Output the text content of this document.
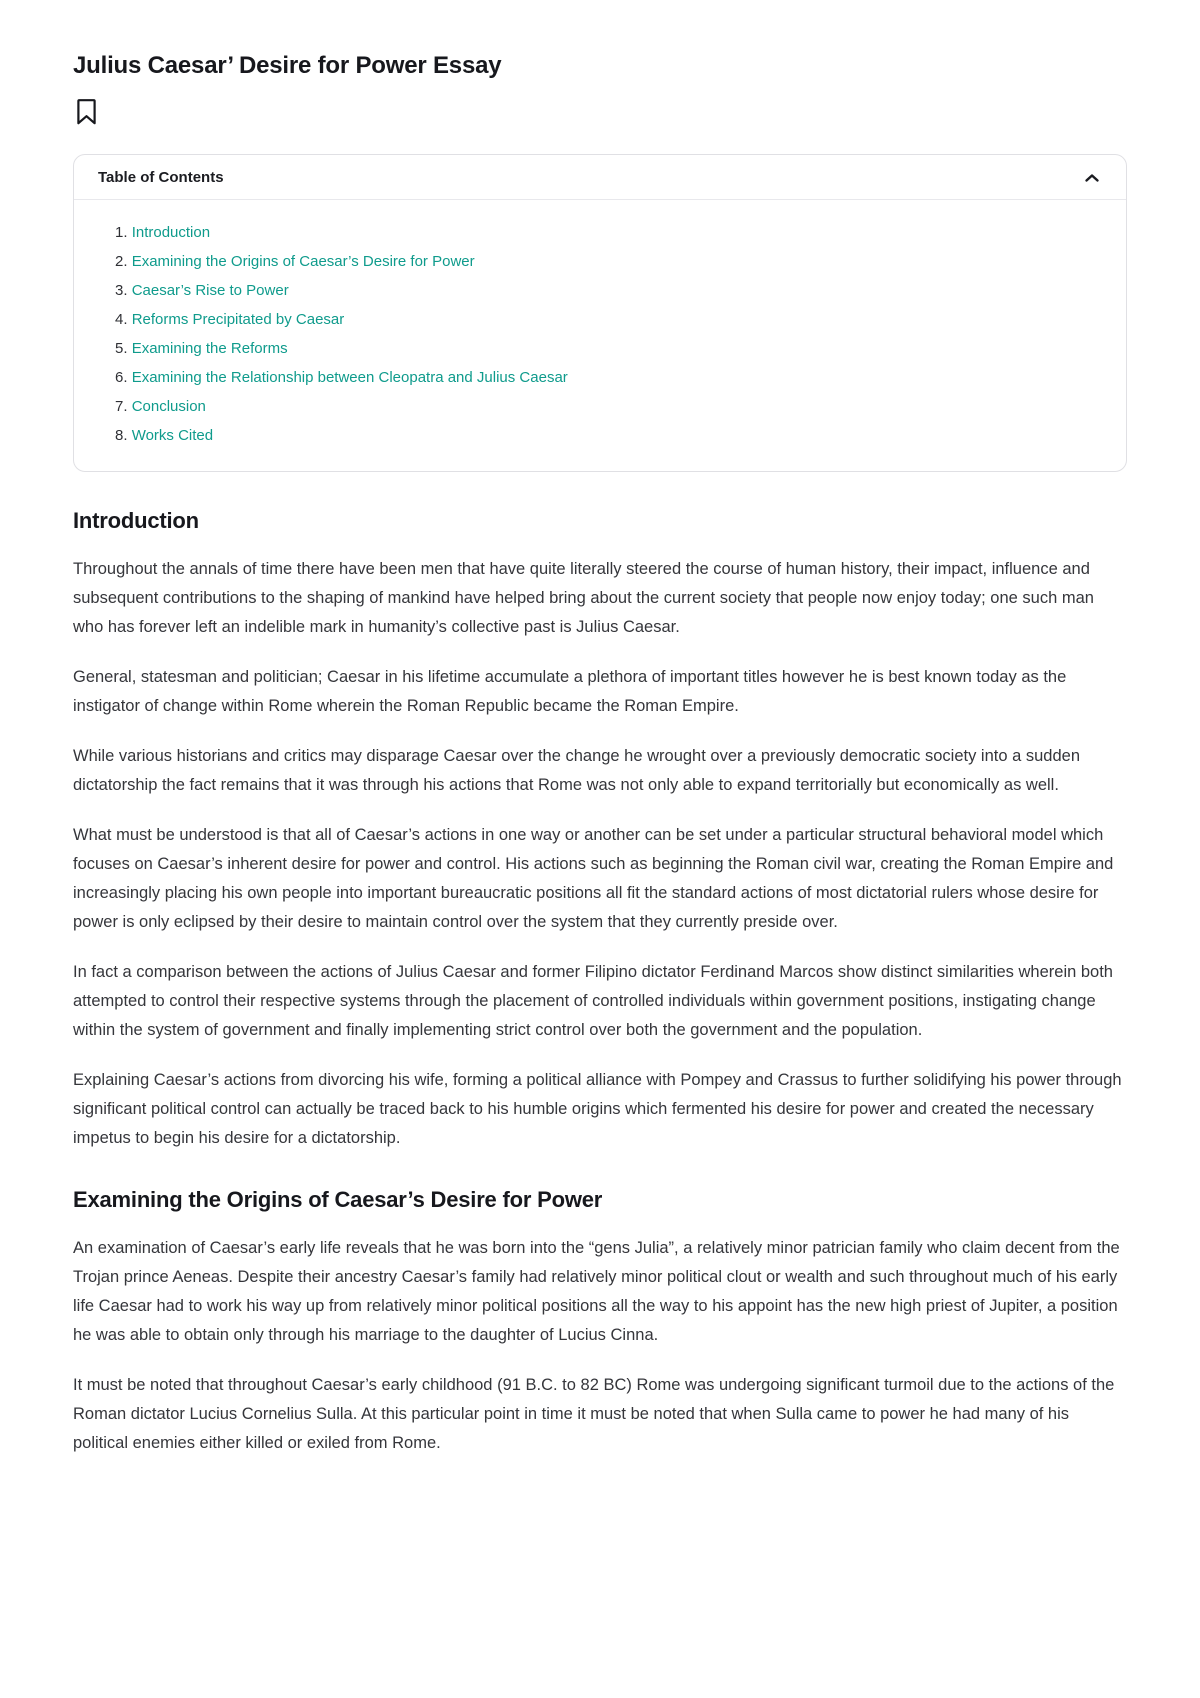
Julius Caesar’ Desire for Power Essay
Table of Contents
Introduction
Examining the Origins of Caesar’s Desire for Power
Caesar’s Rise to Power
Reforms Precipitated by Caesar
Examining the Reforms
Examining the Relationship between Cleopatra and Julius Caesar
Conclusion
Works Cited
Introduction

Throughout the annals of time there have been men that have quite literally steered the course of human history, their impact, influence and subsequent contributions to the shaping of mankind have helped bring about the current society that people now enjoy today; one such man who has forever left an indelible mark in humanity’s collective past is Julius Caesar.

General, statesman and politician; Caesar in his lifetime accumulate a plethora of important titles however he is best known today as the instigator of change within Rome wherein the Roman Republic became the Roman Empire.

While various historians and critics may disparage Caesar over the change he wrought over a previously democratic society into a sudden dictatorship the fact remains that it was through his actions that Rome was not only able to expand territorially but economically as well.

What must be understood is that all of Caesar’s actions in one way or another can be set under a particular structural behavioral model which focuses on Caesar’s inherent desire for power and control. His actions such as beginning the Roman civil war, creating the Roman Empire and increasingly placing his own people into important bureaucratic positions all fit the standard actions of most dictatorial rulers whose desire for power is only eclipsed by their desire to maintain control over the system that they currently preside over.

In fact a comparison between the actions of Julius Caesar and former Filipino dictator Ferdinand Marcos show distinct similarities wherein both attempted to control their respective systems through the placement of controlled individuals within government positions, instigating change within the system of government and finally implementing strict control over both the government and the population.

Explaining Caesar’s actions from divorcing his wife, forming a political alliance with Pompey and Crassus to further solidifying his power through significant political control can actually be traced back to his humble origins which fermented his desire for power and created the necessary impetus to begin his desire for a dictatorship.

Examining the Origins of Caesar’s Desire for Power

An examination of Caesar’s early life reveals that he was born into the “gens Julia”, a relatively minor patrician family who claim decent from the Trojan prince Aeneas. Despite their ancestry Caesar’s family had relatively minor political clout or wealth and such throughout much of his early life Caesar had to work his way up from relatively minor political positions all the way to his appoint has the new high priest of Jupiter, a position he was able to obtain only through his marriage to the daughter of Lucius Cinna.

It must be noted that throughout Caesar’s early childhood (91 B.C. to 82 BC) Rome was undergoing significant turmoil due to the actions of the Roman dictator Lucius Cornelius Sulla. At this particular point in time it must be noted that when Sulla came to power he had many of his political enemies either killed or exiled from Rome.
